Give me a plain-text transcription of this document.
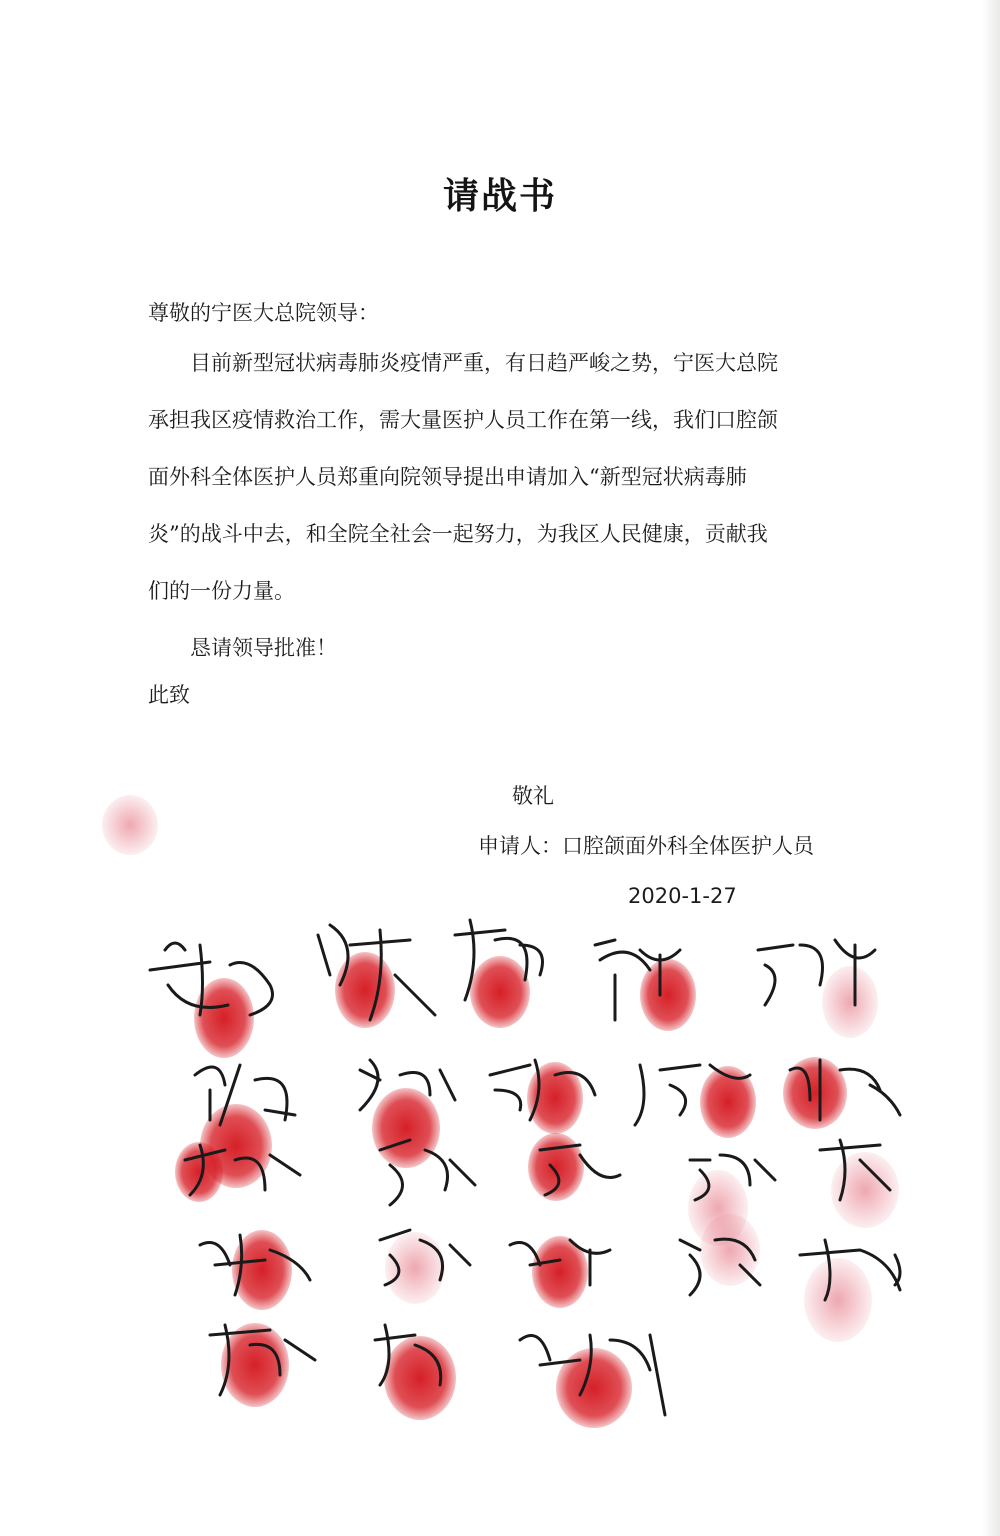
请战书
尊敬的宁医大总院领导：
目前新型冠状病毒肺炎疫情严重，有日趋严峻之势，宁医大总院
承担我区疫情救治工作，需大量医护人员工作在第一线，我们口腔颌
面外科全体医护人员郑重向院领导提出申请加入“新型冠状病毒肺
炎”的战斗中去，和全院全社会一起努力，为我区人民健康，贡献我
们的一份力量。
恳请领导批准！
此致
敬礼
申请人：口腔颌面外科全体医护人员
2020-1-27
